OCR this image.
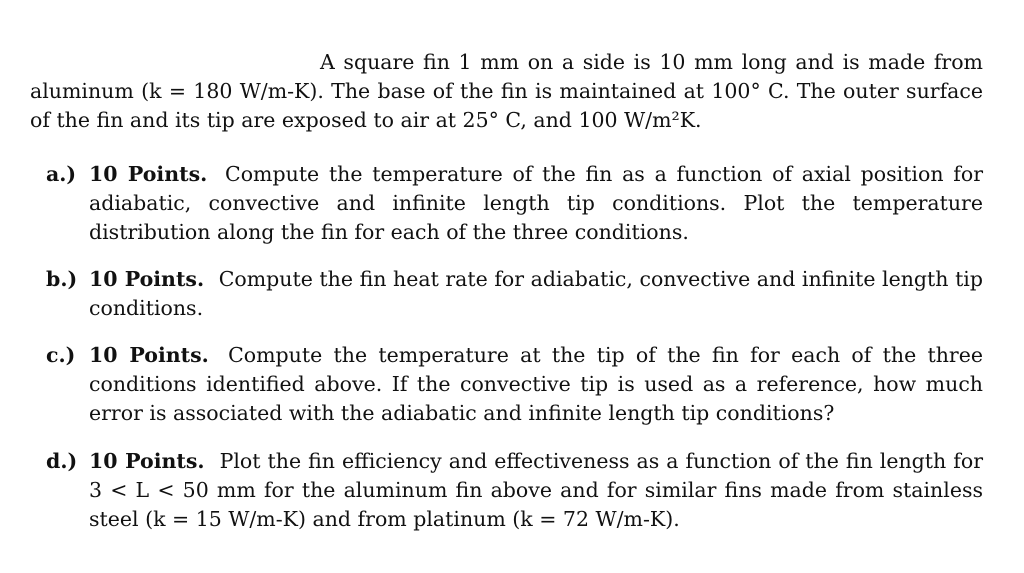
A square fin 1 mm on a side is 10 mm long and is made from aluminum (k = 180 W/m-K). The base of the fin is maintained at 100° C. The outer surface of the fin and its tip are exposed to air at 25° C, and 100 W/m²K.

a.) 10 Points. Compute the temperature of the fin as a function of axial position for adiabatic, convective and infinite length tip conditions. Plot the temperature distribution along the fin for each of the three conditions.
b.) 10 Points. Compute the fin heat rate for adiabatic, convective and infinite length tip conditions.
c.) 10 Points. Compute the temperature at the tip of the fin for each of the three conditions identified above. If the convective tip is used as a reference, how much error is associated with the adiabatic and infinite length tip conditions?
d.) 10 Points. Plot the fin efficiency and effectiveness as a function of the fin length for 3 < L < 50 mm for the aluminum fin above and for similar fins made from stainless steel (k = 15 W/m-K) and from platinum (k = 72 W/m-K).
